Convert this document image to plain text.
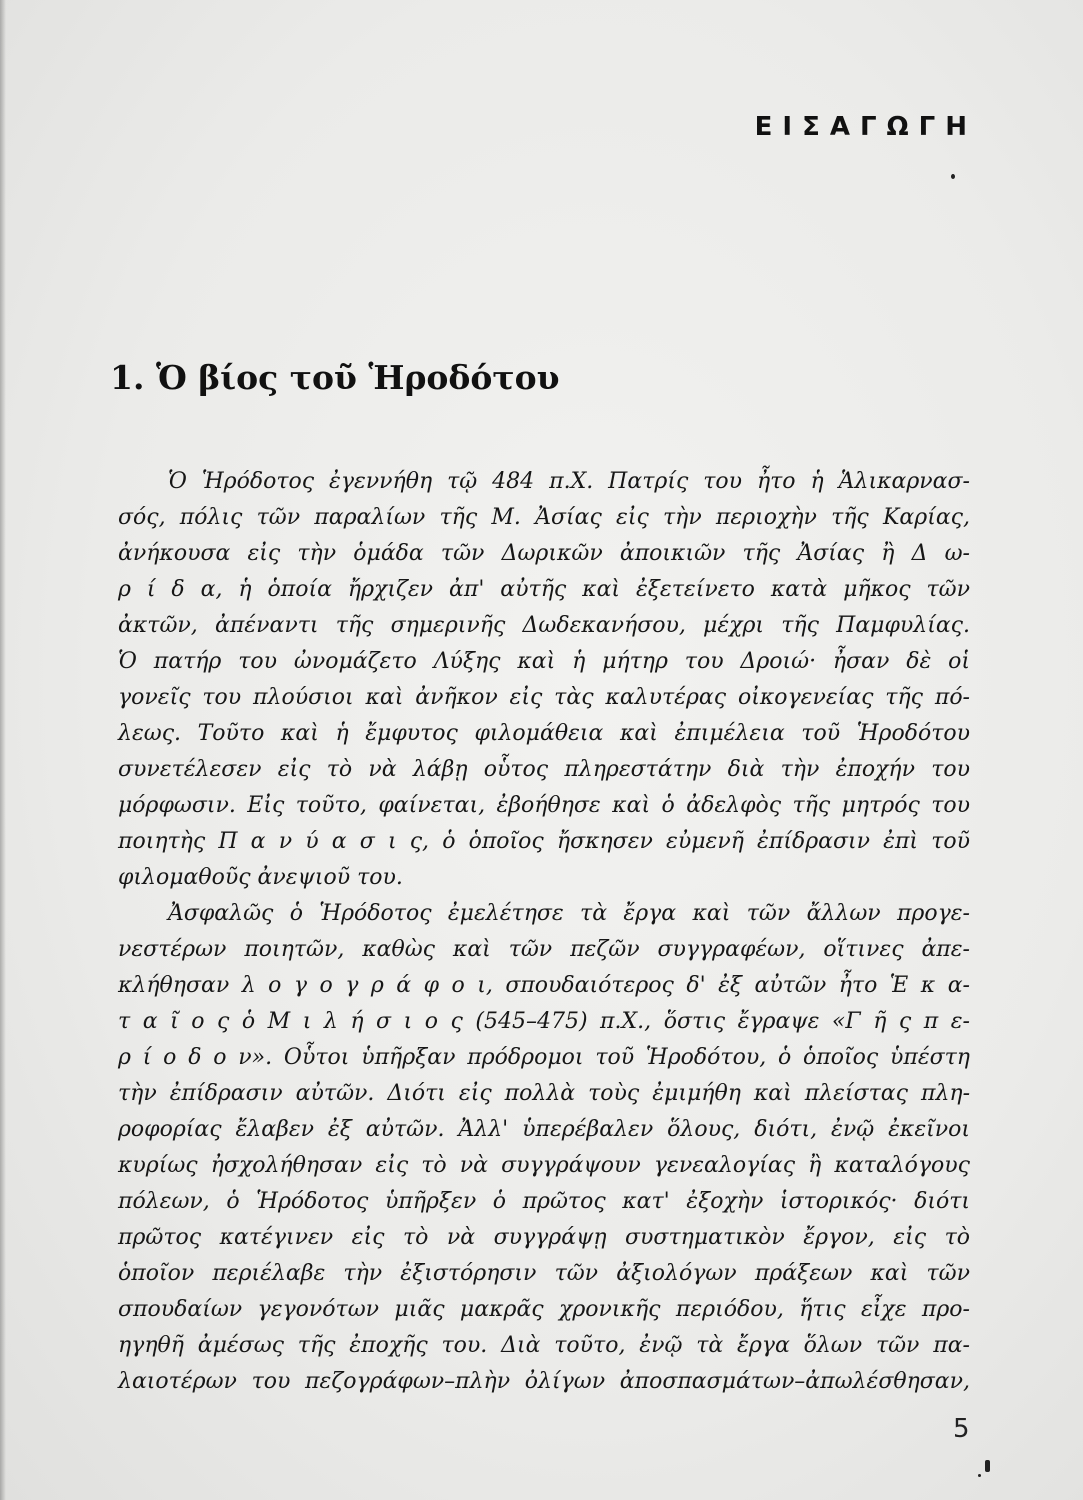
ΕΙΣΑΓΩΓΗ
1. Ὁ βίος τοῦ Ἡροδότου
Ὁ Ἡρόδοτος ἐγεννήθη τῷ 484 π.Χ. Πατρίς του ἦτο ἡ Ἁλικαρνασ-
σός, πόλις τῶν παραλίων τῆς Μ. Ἀσίας εἰς τὴν περιοχὴν τῆς Καρίας,
ἀνήκουσα εἰς τὴν ὁμάδα τῶν Δωρικῶν ἀποικιῶν τῆς Ἀσίας ἢ Δ ω-
ρ ί δ α, ἡ ὁποία ἤρχιζεν ἀπ' αὐτῆς καὶ ἐξετείνετο κατὰ μῆκος τῶν
ἀκτῶν, ἀπέναντι τῆς σημερινῆς Δωδεκανήσου, μέχρι τῆς Παμφυλίας.
Ὁ πατήρ του ὠνομάζετο Λύξης καὶ ἡ μήτηρ του Δροιώ· ἦσαν δὲ οἱ
γονεῖς του πλούσιοι καὶ ἀνῆκον εἰς τὰς καλυτέρας οἰκογενείας τῆς πό-
λεως. Τοῦτο καὶ ἡ ἔμφυτος φιλομάθεια καὶ ἐπιμέλεια τοῦ Ἡροδότου
συνετέλεσεν εἰς τὸ νὰ λάβῃ οὗτος πληρεστάτην διὰ τὴν ἐποχήν του
μόρφωσιν. Εἰς τοῦτο, φαίνεται, ἐβοήθησε καὶ ὁ ἀδελφὸς τῆς μητρός του
ποιητὴς Π α ν ύ α σ ι ς, ὁ ὁποῖος ἤσκησεν εὐμενῆ ἐπίδρασιν ἐπὶ τοῦ
φιλομαθοῦς ἀνεψιοῦ του.
Ἀσφαλῶς ὁ Ἡρόδοτος ἐμελέτησε τὰ ἔργα καὶ τῶν ἄλλων προγε-
νεστέρων ποιητῶν, καθὼς καὶ τῶν πεζῶν συγγραφέων, οἵτινες ἀπε-
κλήθησαν λ ο γ ο γ ρ ά φ ο ι, σπουδαιότερος δ' ἐξ αὐτῶν ἦτο Ἑ κ α-
τ α ῖ ο ς ὁ Μ ι λ ή σ ι ο ς (545–475) π.Χ., ὅστις ἔγραψε «Γ ῆ ς π ε-
ρ ί ο δ ο ν». Οὗτοι ὑπῆρξαν πρόδρομοι τοῦ Ἡροδότου, ὁ ὁποῖος ὑπέστη
τὴν ἐπίδρασιν αὐτῶν. Διότι εἰς πολλὰ τοὺς ἐμιμήθη καὶ πλείστας πλη-
ροφορίας ἔλαβεν ἐξ αὐτῶν. Ἀλλ' ὑπερέβαλεν ὅλους, διότι, ἐνῷ ἐκεῖνοι
κυρίως ἠσχολήθησαν εἰς τὸ νὰ συγγράψουν γενεαλογίας ἢ καταλόγους
πόλεων, ὁ Ἡρόδοτος ὑπῆρξεν ὁ πρῶτος κατ' ἐξοχὴν ἱστορικός· διότι
πρῶτος κατέγινεν εἰς τὸ νὰ συγγράψῃ συστηματικὸν ἔργον, εἰς τὸ
ὁποῖον περιέλαβε τὴν ἐξιστόρησιν τῶν ἀξιολόγων πράξεων καὶ τῶν
σπουδαίων γεγονότων μιᾶς μακρᾶς χρονικῆς περιόδου, ἥτις εἶχε προ-
ηγηθῆ ἀμέσως τῆς ἐποχῆς του. Διὰ τοῦτο, ἐνῷ τὰ ἔργα ὅλων τῶν πα-
λαιοτέρων του πεζογράφων–πλὴν ὀλίγων ἀποσπασμάτων–ἀπωλέσθησαν,
5
